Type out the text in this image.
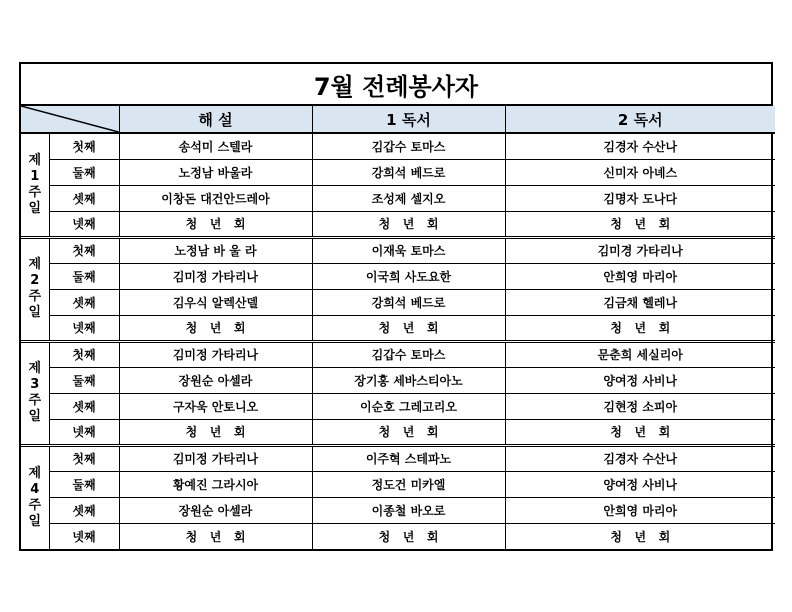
7월 전례봉사자
	해 설	1 독서	2 독서

제
1
주
일	첫째	송석미 스텔라	김갑수 토마스	김경자 수산나
	둘째	노정남 바울라	강희석 베드로	신미자 아녜스
	셋째	이창돈 대건안드레아	조성제 셀지오	김명자 도나다
	넷째	청   년   회	청   년   회	청   년   회

제
2
주
일	첫째	노정남 바 울 라	이재욱 토마스	김미경 가타리나
	둘째	김미정 가타리나	이국희 사도요한	안희영 마리아
	셋째	김우식 알렉산델	강희석 베드로	김금채 헬레나
	넷째	청   년   회	청   년   회	청   년   회

제
3
주
일	첫째	김미정 가타리나	김갑수 토마스	문춘희 세실리아
	둘째	장원순 아셀라	장기홍 세바스티아노	양여정 사비나
	셋째	구자욱 안토니오	이순호 그레고리오	김현정 소피아
	넷째	청   년   회	청   년   회	청   년   회

제
4
주
일	첫째	김미정 가타리나	이주혁 스테파노	김경자 수산나
	둘째	황예진 그라시아	정도건 미카엘	양여정 사비나
	셋째	장원순 아셀라	이종철 바오로	안희영 마리아
	넷째	청   년   회	청   년   회	청   년   회
